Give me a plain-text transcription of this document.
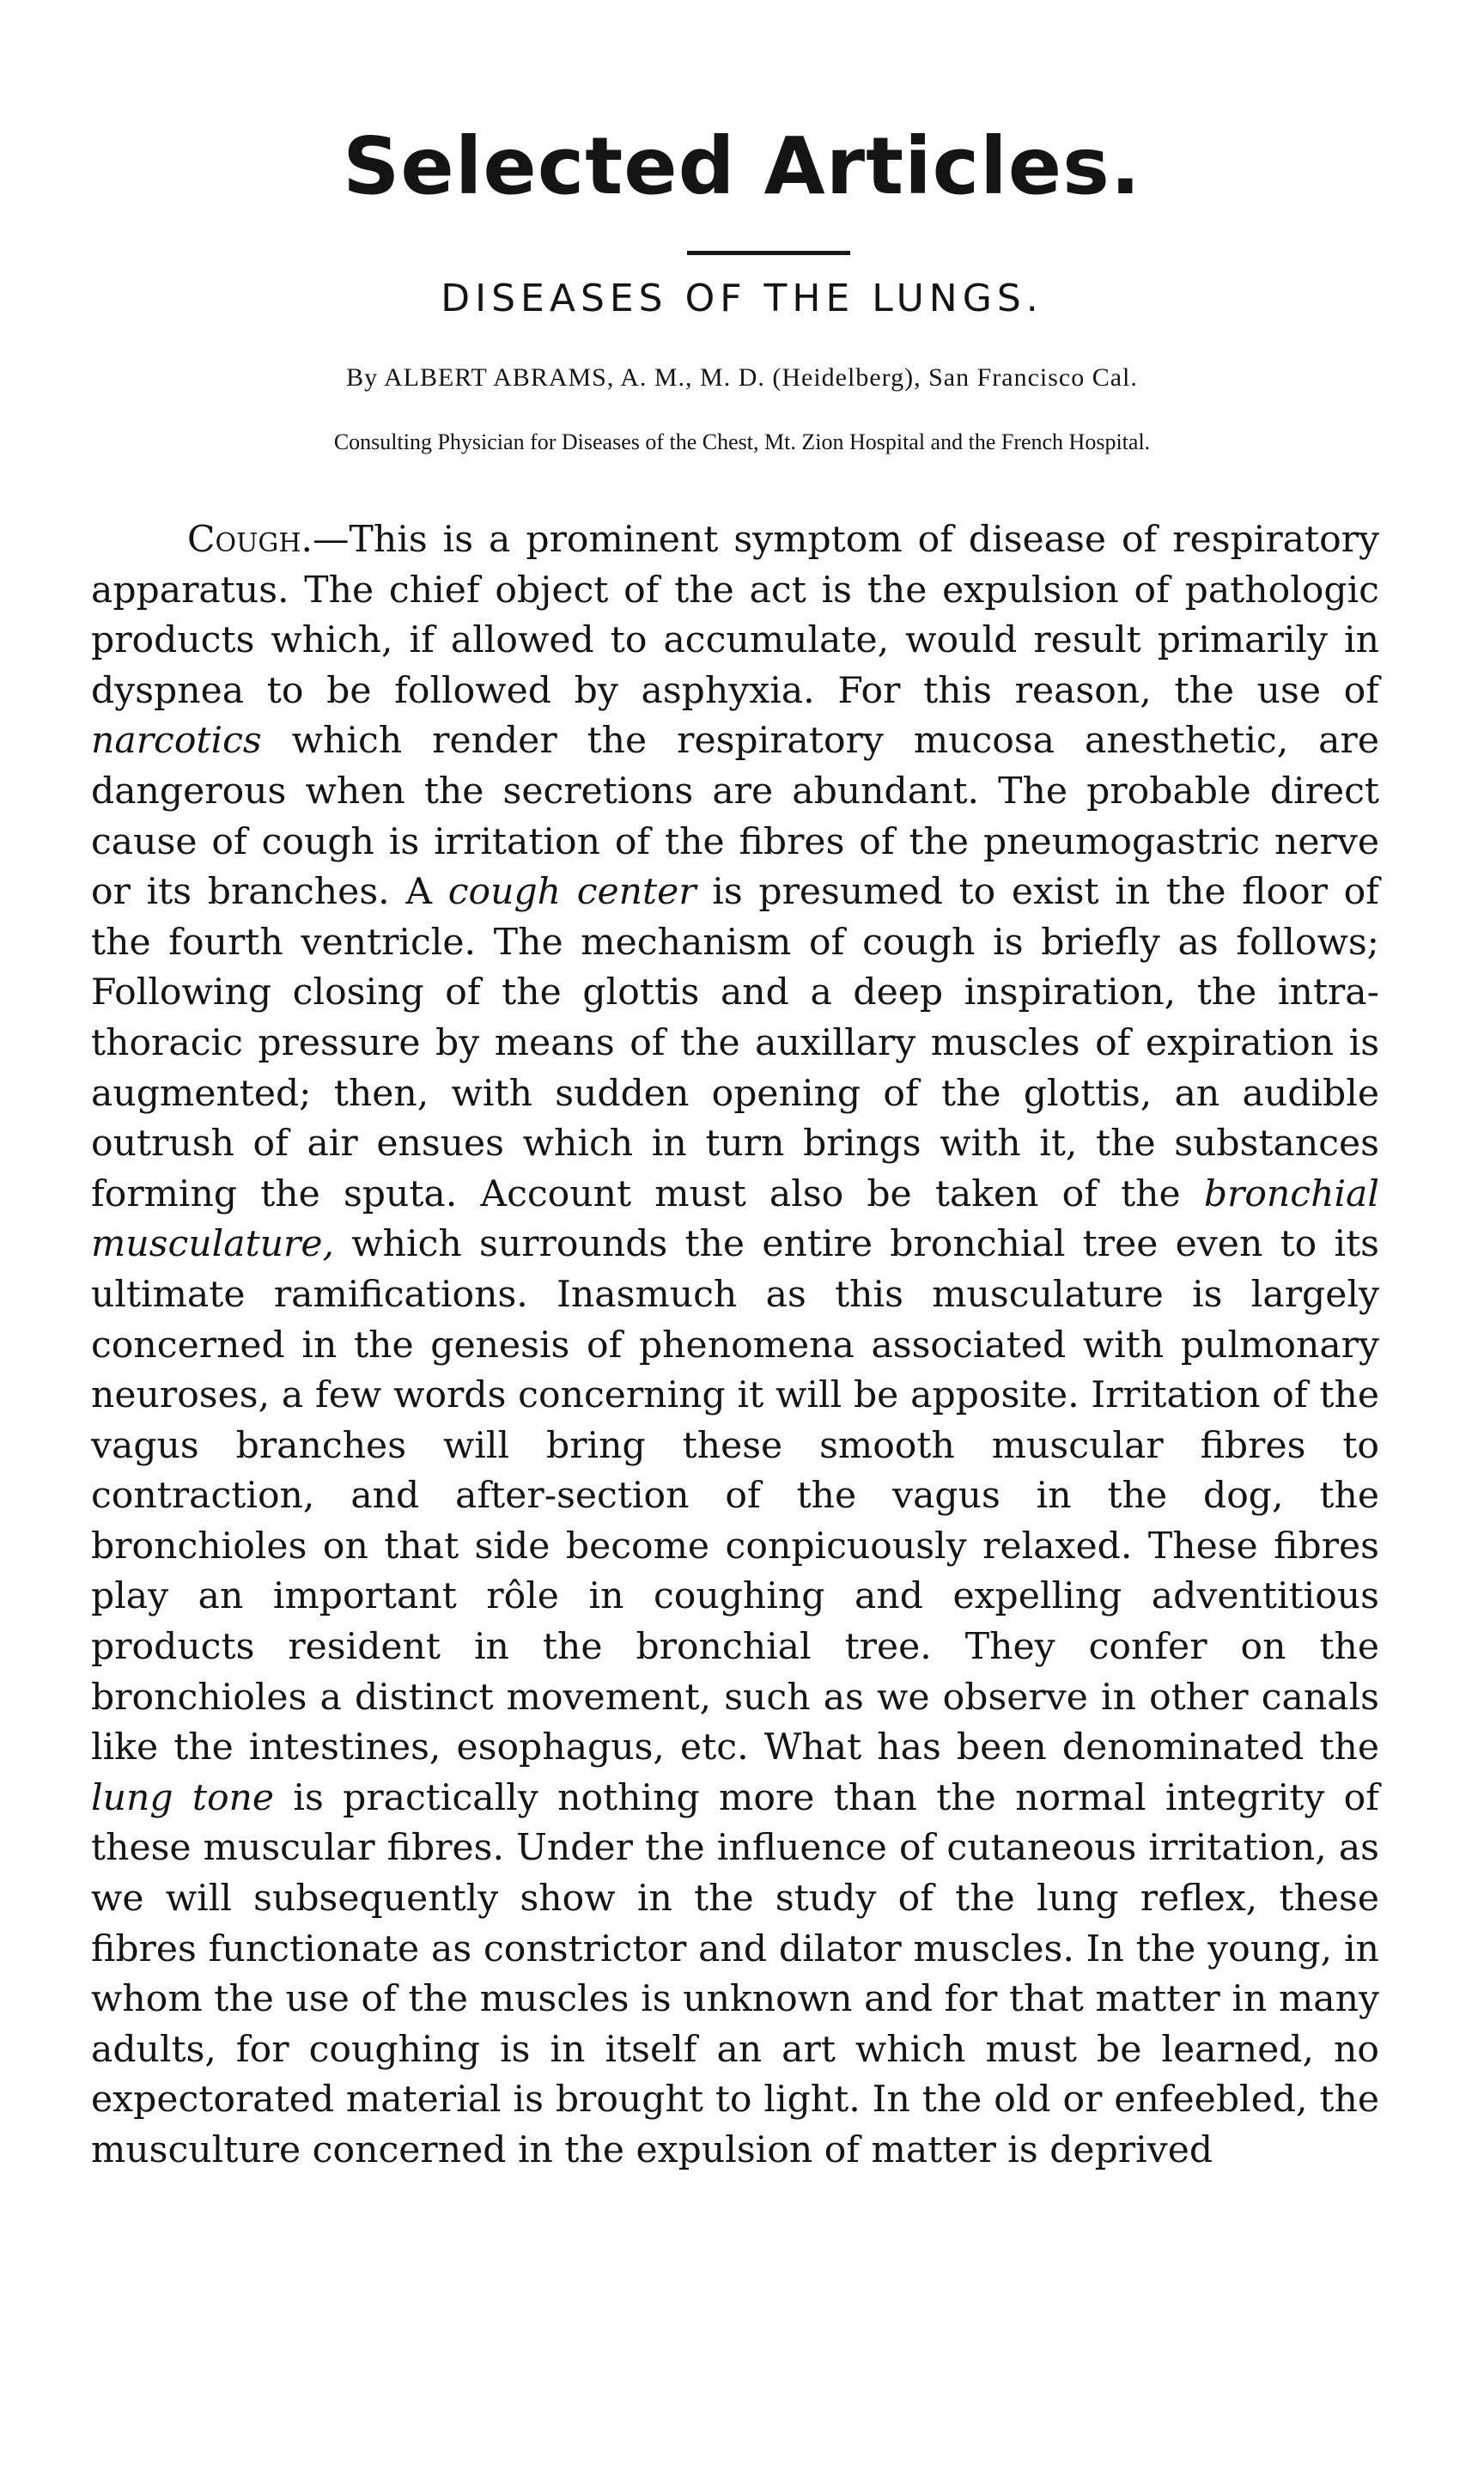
Selected Articles.
DISEASES OF THE LUNGS.
By ALBERT ABRAMS, A. M., M. D. (Heidelberg), San Francisco Cal.
Consulting Physician for Diseases of the Chest, Mt. Zion Hospital and the French Hospital.

Cough.—This is a prominent symptom of disease of respiratory apparatus. The chief object of the act is the expulsion of pathologic products which, if allowed to accumulate, would result primarily in dyspnea to be followed by asphyxia. For this reason, the use of narcotics which render the respiratory mucosa anesthetic, are dangerous when the secretions are abundant. The probable direct cause of cough is irritation of the fibres of the pneumogastric nerve or its branches. A cough center is presumed to exist in the floor of the fourth ventricle. The mechanism of cough is briefly as follows; Following closing of the glottis and a deep inspiration, the intra-thoracic pressure by means of the auxillary muscles of expiration is augmented; then, with sudden opening of the glottis, an audible outrush of air ensues which in turn brings with it, the substances forming the sputa. Account must also be taken of the bronchial musculature, which surrounds the entire bronchial tree even to its ultimate ramifications. Inasmuch as this musculature is largely concerned in the genesis of phenomena associated with pulmonary neuroses, a few words concerning it will be apposite. Irritation of the vagus branches will bring these smooth muscular fibres to contraction, and after-section of the vagus in the dog, the bronchioles on that side become conpicuously relaxed. These fibres play an important rôle in coughing and expelling adventitious products resident in the bronchial tree. They confer on the bronchioles a distinct movement, such as we observe in other canals like the intestines, esophagus, etc. What has been denominated the lung tone is practically nothing more than the normal integrity of these muscular fibres. Under the influence of cutaneous irritation, as we will subsequently show in the study of the lung reflex, these fibres functionate as constrictor and dilator muscles. In the young, in whom the use of the muscles is unknown and for that matter in many adults, for coughing is in itself an art which must be learned, no expectorated material is brought to light. In the old or enfeebled, the musculture concerned in the expulsion of matter is deprived
